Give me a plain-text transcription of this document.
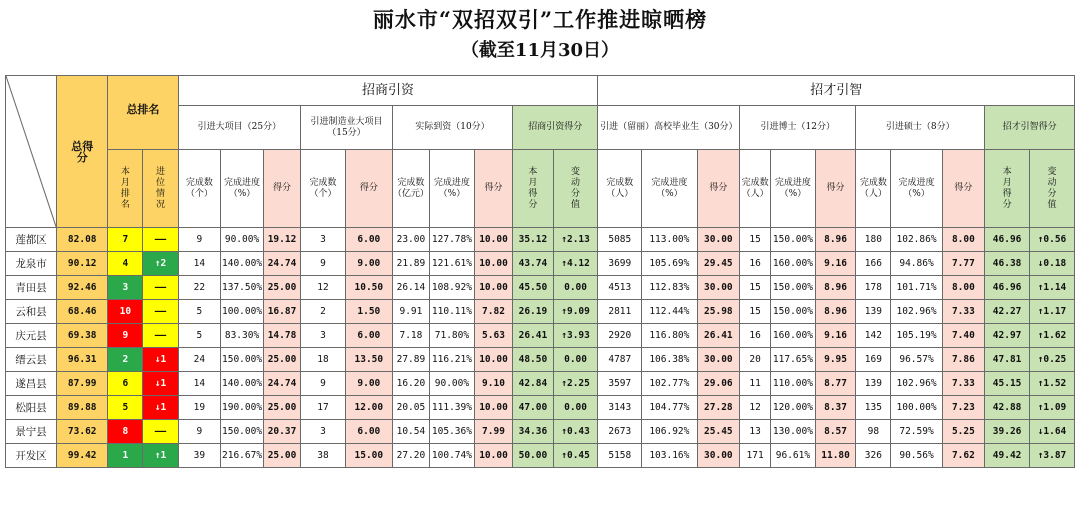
丽水市“双招双引”工作推进晾晒榜
（截至11月30日）
	总得分	总排名		招商引资										招才引智										
				引进大项目（25分）			引进制造业大项目（15分）		实际到资（10分）			招商引资得分		引进（留丽）高校毕业生（30分）			引进博士（12分）			引进硕士（8分）			招才引智得分	
		本月排名	进位情况	完成数（个）	完成进度（%）	得分	完成数（个）	得分	完成数（亿元）	完成进度（%）	得分	本月得分	变动分值	完成数（人）	完成进度（%）	得分	完成数（人）	完成进度（%）	得分	完成数（人）	完成进度（%）	得分	本月得分	变动分值
莲都区	82.08	7	——	9	90.00%	19.12	3	6.00	23.00	127.78%	10.00	35.12	↑2.13	5085	113.00%	30.00	15	150.00%	8.96	180	102.86%	8.00	46.96	↑0.56
龙泉市	90.12	4	↑2	14	140.00%	24.74	9	9.00	21.89	121.61%	10.00	43.74	↑4.12	3699	105.69%	29.45	16	160.00%	9.16	166	94.86%	7.77	46.38	↓0.18
青田县	92.46	3	——	22	137.50%	25.00	12	10.50	26.14	108.92%	10.00	45.50	0.00	4513	112.83%	30.00	15	150.00%	8.96	178	101.71%	8.00	46.96	↑1.14
云和县	68.46	10	——	5	100.00%	16.87	2	1.50	9.91	110.11%	7.82	26.19	↑9.09	2811	112.44%	25.98	15	150.00%	8.96	139	102.96%	7.33	42.27	↑1.17
庆元县	69.38	9	——	5	83.30%	14.78	3	6.00	7.18	71.80%	5.63	26.41	↑3.93	2920	116.80%	26.41	16	160.00%	9.16	142	105.19%	7.40	42.97	↑1.62
缙云县	96.31	2	↓1	24	150.00%	25.00	18	13.50	27.89	116.21%	10.00	48.50	0.00	4787	106.38%	30.00	20	117.65%	9.95	169	96.57%	7.86	47.81	↑0.25
遂昌县	87.99	6	↓1	14	140.00%	24.74	9	9.00	16.20	90.00%	9.10	42.84	↑2.25	3597	102.77%	29.06	11	110.00%	8.77	139	102.96%	7.33	45.15	↑1.52
松阳县	89.88	5	↓1	19	190.00%	25.00	17	12.00	20.05	111.39%	10.00	47.00	0.00	3143	104.77%	27.28	12	120.00%	8.37	135	100.00%	7.23	42.88	↑1.09
景宁县	73.62	8	——	9	150.00%	20.37	3	6.00	10.54	105.36%	7.99	34.36	↑0.43	2673	106.92%	25.45	13	130.00%	8.57	98	72.59%	5.25	39.26	↓1.64
开发区	99.42	1	↑1	39	216.67%	25.00	38	15.00	27.20	100.74%	10.00	50.00	↑0.45	5158	103.16%	30.00	171	96.61%	11.80	326	90.56%	7.62	49.42	↑3.87
